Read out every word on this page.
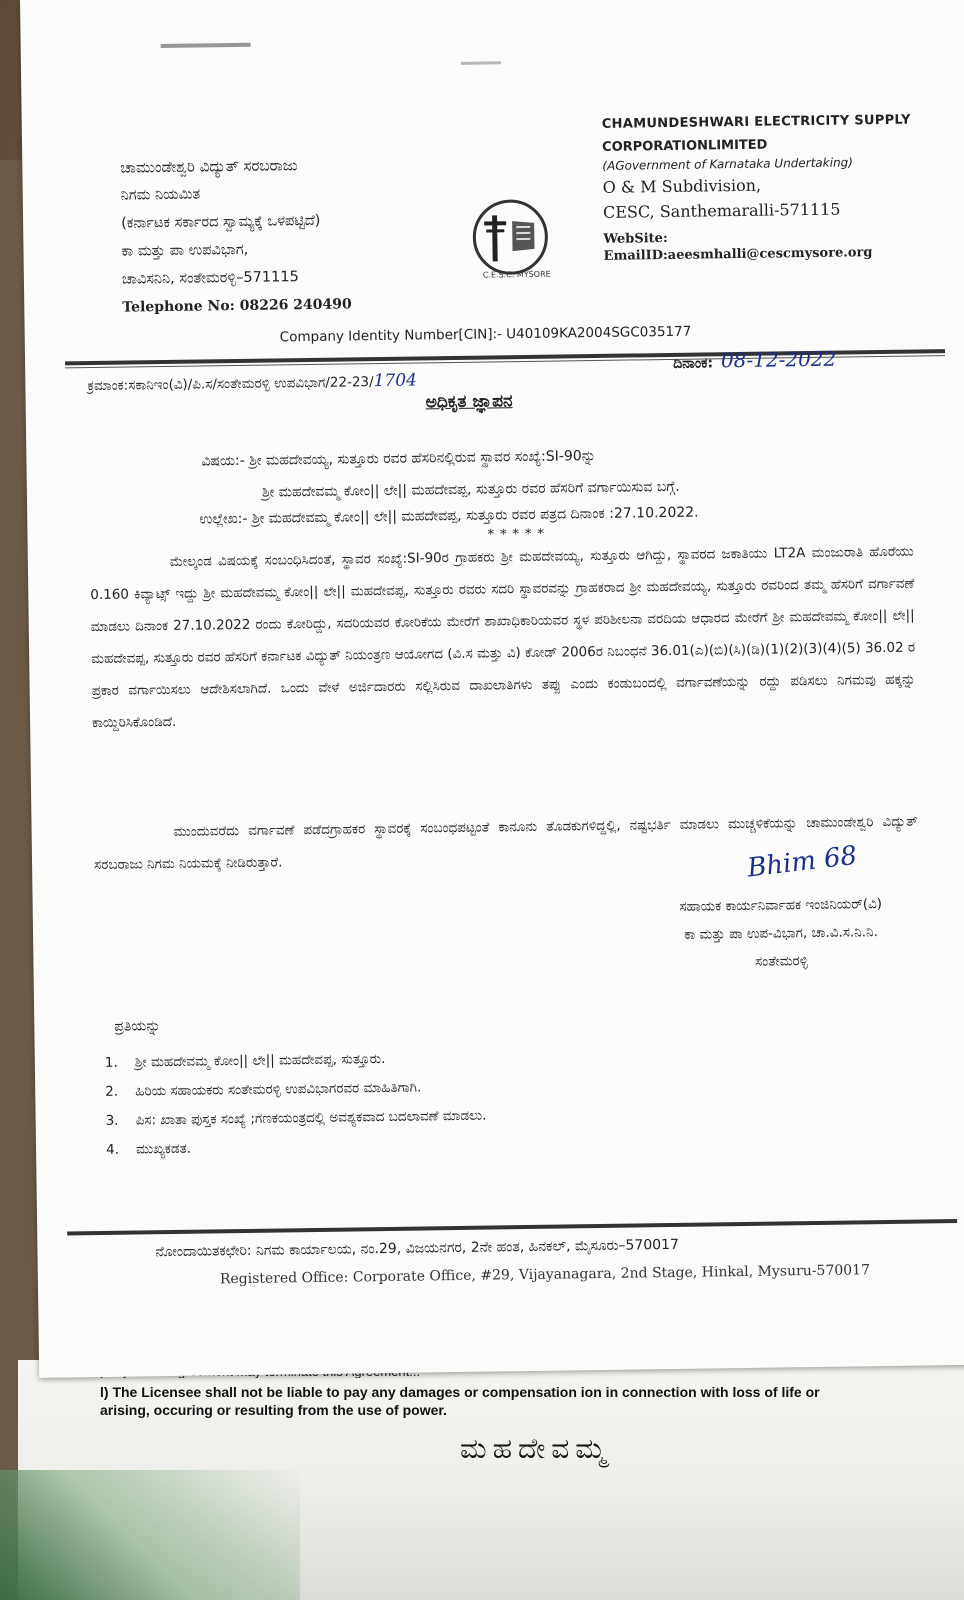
l) The Licensee shall not be liable to pay any damages or compensation ion in connection with loss of life or
arising, occuring or resulting from the use of power.
ಮಹದೇವಮ್ಮ
ಚಾಮುಂಡೇಶ್ವರಿ ವಿದ್ಯುತ್ ಸರಬರಾಜು
ನಿಗಮ ನಿಯಮಿತ
(ಕರ್ನಾಟಕ ಸರ್ಕಾರದ ಸ್ವಾಮ್ಯಕ್ಕೆ ಒಳಪಟ್ಟಿದೆ)
ಕಾ ಮತ್ತು ಪಾ ಉಪವಿಭಾಗ,
ಚಾವಿಸನಿನಿ, ಸಂತೇಮರಳ್ಳಿ–571115
Telephone No: 08226 240490
C.E.S.C. MYSORE
CHAMUNDESHWARI ELECTRICITY SUPPLY
CORPORATIONLIMITED
(AGovernment of Karnataka Undertaking)
O & M Subdivision,
CESC, Santhemaralli-571115
WebSite:
EmailID:aeesmhalli@cescmysore.org
Company Identity Number[CIN]:- U40109KA2004SGC035177
ಕ್ರಮಾಂಕ:ಸಕಾನಿಇಂ(ವಿ)/ಪಿ.ಸ/ಸಂತೇಮರಳ್ಳಿ ಉಪವಿಭಾಗ/22-23/1704
ದಿನಾಂಕ: 08-12-2022
ಅಧಿಕೃತ ಜ್ಞಾಪನ
ವಿಷಯ:- ಶ್ರೀ ಮಹದೇವಯ್ಯ, ಸುತ್ತೂರು ರವರ ಹೆಸರಿನಲ್ಲಿರುವ ಸ್ಥಾವರ ಸಂಖ್ಯೆ:SI-90ನ್ನು
ಶ್ರೀ ಮಹದೇವಮ್ಮ ಕೋಂ|| ಲೇ|| ಮಹದೇವಪ್ಪ, ಸುತ್ತೂರು ರವರ ಹೆಸರಿಗೆ ವರ್ಗಾಯಿಸುವ ಬಗ್ಗೆ.
ಉಲ್ಲೇಖ:- ಶ್ರೀ ಮಹದೇವಮ್ಮ ಕೋಂ|| ಲೇ|| ಮಹದೇವಪ್ಪ, ಸುತ್ತೂರು ರವರ ಪತ್ರದ ದಿನಾಂಕ :27.10.2022.
*****
ಮೇಲ್ಕಂಡ ವಿಷಯಕ್ಕೆ ಸಂಬಂಧಿಸಿದಂತೆ, ಸ್ಥಾವರ ಸಂಖ್ಯೆ:SI-90ರ ಗ್ರಾಹಕರು ಶ್ರೀ ಮಹದೇವಯ್ಯ, ಸುತ್ತೂರು ಆಗಿದ್ದು, ಸ್ಥಾವರದ ಜಕಾತಿಯು LT2A ಮಂಜುರಾತಿ ಹೊರೆಯು 0.160 ಕಿವ್ಯಾಟ್ಸ್ ಇದ್ದು ಶ್ರೀ ಮಹದೇವಮ್ಮ ಕೋಂ|| ಲೇ|| ಮಹದೇವಪ್ಪ, ಸುತ್ತೂರು ರವರು ಸದರಿ ಸ್ಥಾವರವನ್ನು ಗ್ರಾಹಕರಾದ ಶ್ರೀ ಮಹದೇವಯ್ಯ, ಸುತ್ತೂರು ರವರಿಂದ ತಮ್ಮ ಹೆಸರಿಗೆ ವರ್ಗಾವಣೆ ಮಾಡಲು ದಿನಾಂಕ 27.10.2022 ರಂದು ಕೋರಿದ್ದು, ಸದರಿಯವರ ಕೋರಿಕೆಯ ಮೇರೆಗೆ ಶಾಖಾಧಿಕಾರಿಯವರ ಸ್ಥಳ ಪರಿಶೀಲನಾ ವರದಿಯ ಆಧಾರದ ಮೇರೆಗೆ ಶ್ರೀ ಮಹದೇವಮ್ಮ ಕೋಂ|| ಲೇ|| ಮಹದೇವಪ್ಪ, ಸುತ್ತೂರು ರವರ ಹೆಸರಿಗೆ ಕರ್ನಾಟಕ ವಿದ್ಯುತ್ ನಿಯಂತ್ರಣ ಆಯೋಗದ (ವಿ.ಸ ಮತ್ತು ವಿ) ಕೋಡ್ 2006ರ ನಿಬಂಧನೆ 36.01(ಎ)(ಬಿ)(ಸಿ)(ಡಿ)(1)(2)(3)(4)(5) 36.02 ರ ಪ್ರಕಾರ ವರ್ಗಾಯಿಸಲು ಆದೇಶಿಸಲಾಗಿದೆ. ಒಂದು ವೇಳೆ ಅರ್ಜಿದಾರರು ಸಲ್ಲಿಸಿರುವ ದಾಖಲಾತಿಗಳು ತಪ್ಪು ಎಂದು ಕಂಡುಬಂದಲ್ಲಿ ವರ್ಗಾವಣೆಯನ್ನು ರದ್ದು ಪಡಿಸಲು ನಿಗಮವು ಹಕ್ಕನ್ನು ಕಾಯ್ದಿರಿಸಿಕೊಂಡಿದೆ.
ಮುಂದುವರೆದು ವರ್ಗಾವಣೆ ಪಡೆದಗ್ರಾಹಕರ ಸ್ಥಾವರಕ್ಕೆ ಸಂಬಂಧಪಟ್ಟಂತೆ ಕಾನೂನು ತೊಡಕುಗಳಿದ್ದಲ್ಲಿ, ನಷ್ಟಭರ್ತಿ ಮಾಡಲು ಮುಚ್ಚಳಿಕೆಯನ್ನು ಚಾಮುಂಡೇಶ್ವರಿ ವಿದ್ಯುತ್ ಸರಬರಾಜು ನಿಗಮ ನಿಯಮಕ್ಕೆ ನೀಡಿರುತ್ತಾರೆ.	Bhim 68
ಸಹಾಯಕ ಕಾರ್ಯನಿರ್ವಾಹಕ ಇಂಜಿನಿಯರ್(ವಿ)
ಕಾ ಮತ್ತು ಪಾ ಉಪ-ವಿಭಾಗ, ಚಾ.ವಿ.ಸ.ನಿ.ನಿ.
ಸಂತೇಮರಳ್ಳಿ
ಪ್ರತಿಯನ್ನು
1. ಶ್ರೀ ಮಹದೇವಮ್ಮ ಕೋಂ|| ಲೇ|| ಮಹದೇವಪ್ಪ, ಸುತ್ತೂರು.
2. ಹಿರಿಯ ಸಹಾಯಕರು ಸಂತೇಮರಳ್ಳಿ ಉಪವಿಭಾಗರವರ ಮಾಹಿತಿಗಾಗಿ.
3. ಪಿಸ: ಖಾತಾ ಪುಸ್ತಕ ಸಂಖ್ಯೆ ;ಗಣಕಯಂತ್ರದಲ್ಲಿ ಅವಶ್ಯಕವಾದ ಬದಲಾವಣೆ ಮಾಡಲು.
4. ಮುಖ್ಯಕಡತ.
ನೋಂದಾಯಿತಕಛೇರಿ: ನಿಗಮ ಕಾರ್ಯಾಲಯ, ನಂ.29, ವಿಜಯನಗರ, 2ನೇ ಹಂತ, ಹಿನಕಲ್, ಮೈಸೂರು–570017
Registered Office: Corporate Office, #29, Vijayanagara, 2nd Stage, Hinkal, Mysuru-570017
